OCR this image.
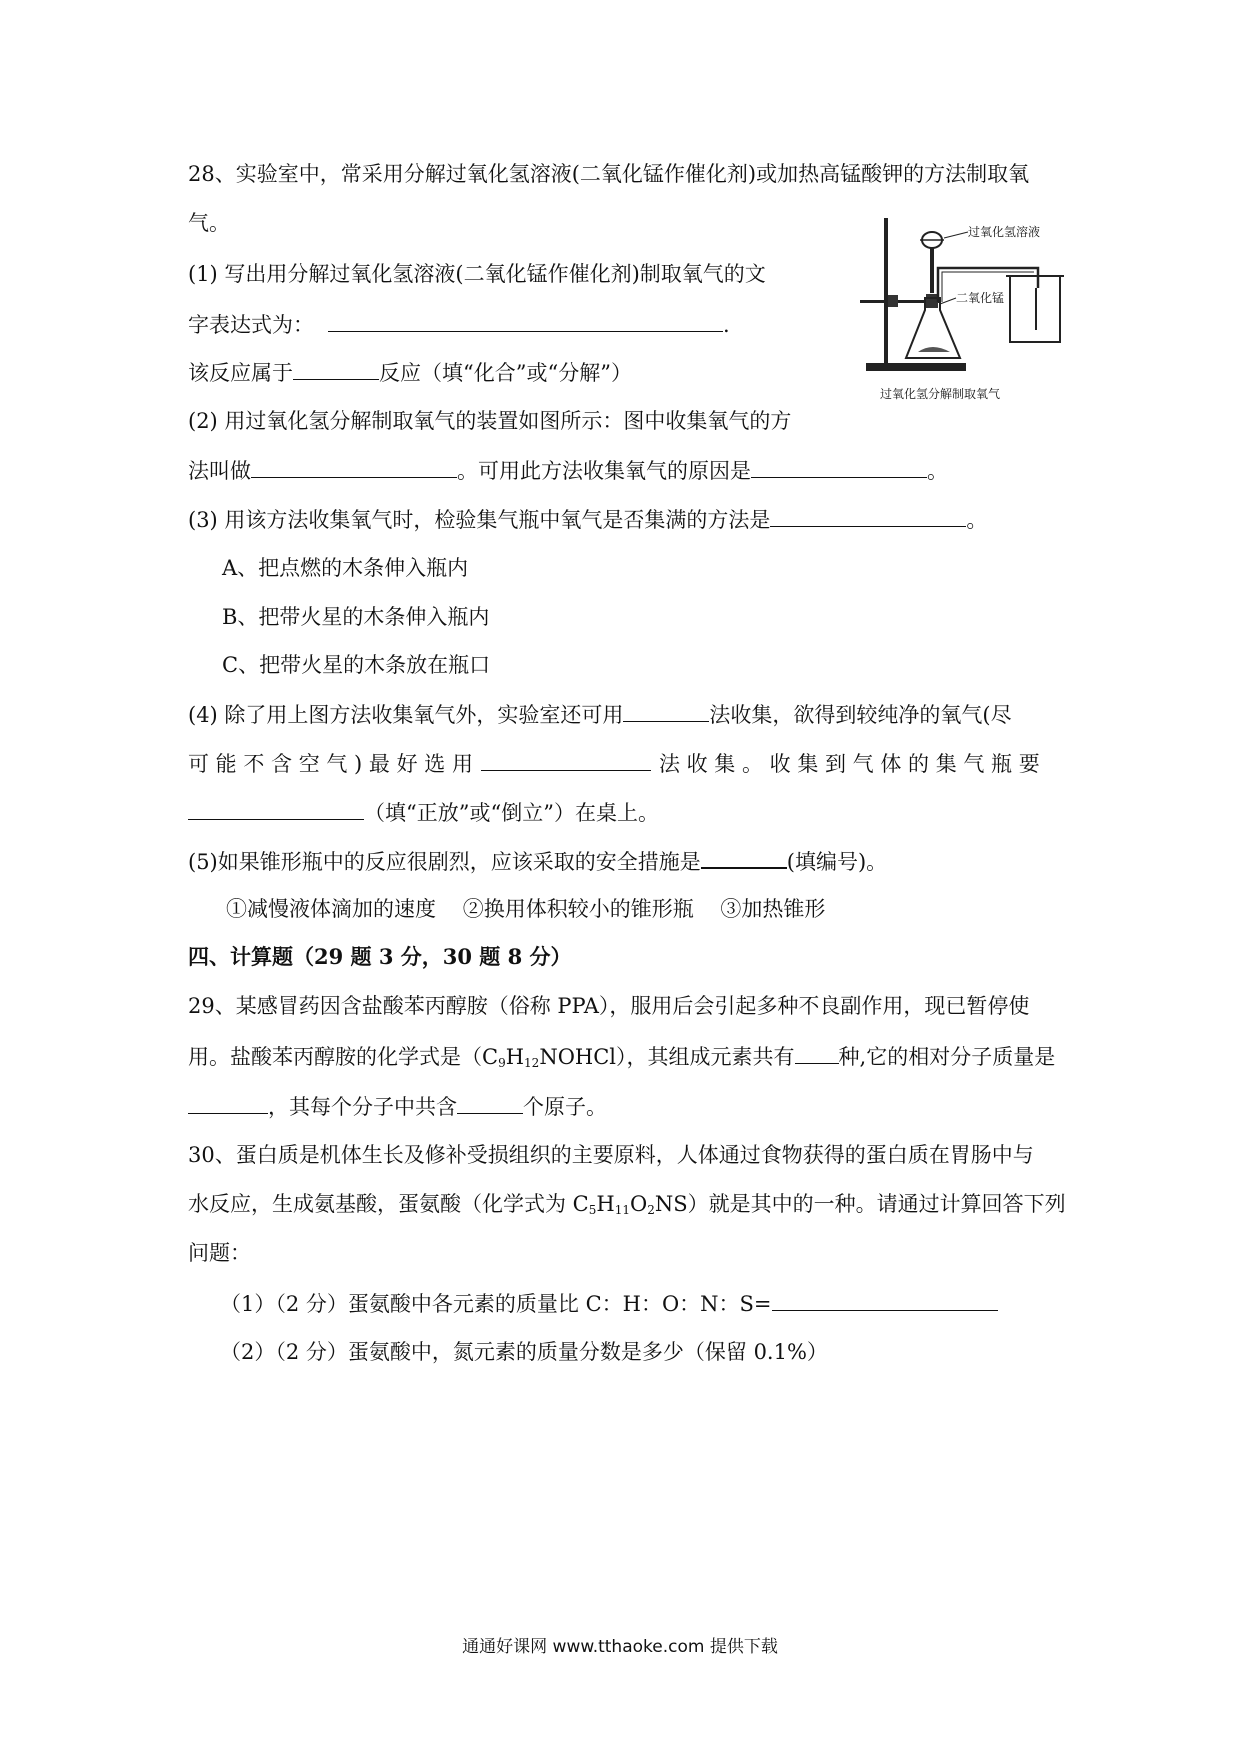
28、实验室中，常采用分解过氧化氢溶液(二氧化锰作催化剂)或加热高锰酸钾的方法制取氧
气。	过氧化氢溶液
二氧化锰
过氧化氢分解制取氧气
(1) 写出用分解过氧化氢溶液(二氧化锰作催化剂)制取氧气的文
字表达式为：	.
该反应属于	反应（填“化合”或“分解”）
(2) 用过氧化氢分解制取氧气的装置如图所示：图中收集氧气的方
法叫做	。可用此方法收集氧气的原因是	。
(3) 用该方法收集氧气时，检验集气瓶中氧气是否集满的方法是	。
A、把点燃的木条伸入瓶内
B、把带火星的木条伸入瓶内
C、把带火星的木条放在瓶口
(4) 除了用上图方法收集氧气外，实验室还可用	法收集，欲得到较纯净的氧气(尽
可 能 不 含 空 气 ) 最 好 选 用	法 收 集 。 收 集 到 气 体 的 集 气 瓶 要
（填“正放”或“倒立”）在桌上。
(5)如果锥形瓶中的反应很剧烈，应该采取的安全措施是	(填编号)。
①减慢液体滴加的速度    ②换用体积较小的锥形瓶    ③加热锥形
四、计算题（29 题 3 分，30 题 8 分）
29、某感冒药因含盐酸苯丙醇胺（俗称 PPA），服用后会引起多种不良副作用，现已暂停使
用。盐酸苯丙醇胺的化学式是$(C_9H_{12}NOHCl)$，其组成元素共有 种,它的相对分子质量是
，其每个分子中共含	个原子。
30、蛋白质是机体生长及修补受损组织的主要原料，人体通过食物获得的蛋白质在胃肠中与
水反应，生成氨基酸，蛋氨酸（化学式为 $C_5H_{11}O_2NS$）就是其中的一种。请通过计算回答下列
问题：
（1）（2 分）蛋氨酸中各元素的质量比 C：H：O：N：S=
（2）（2 分）蛋氨酸中，氮元素的质量分数是多少（保留 0.1%）
通通好课网 www.tthaoke.com 提供下载
